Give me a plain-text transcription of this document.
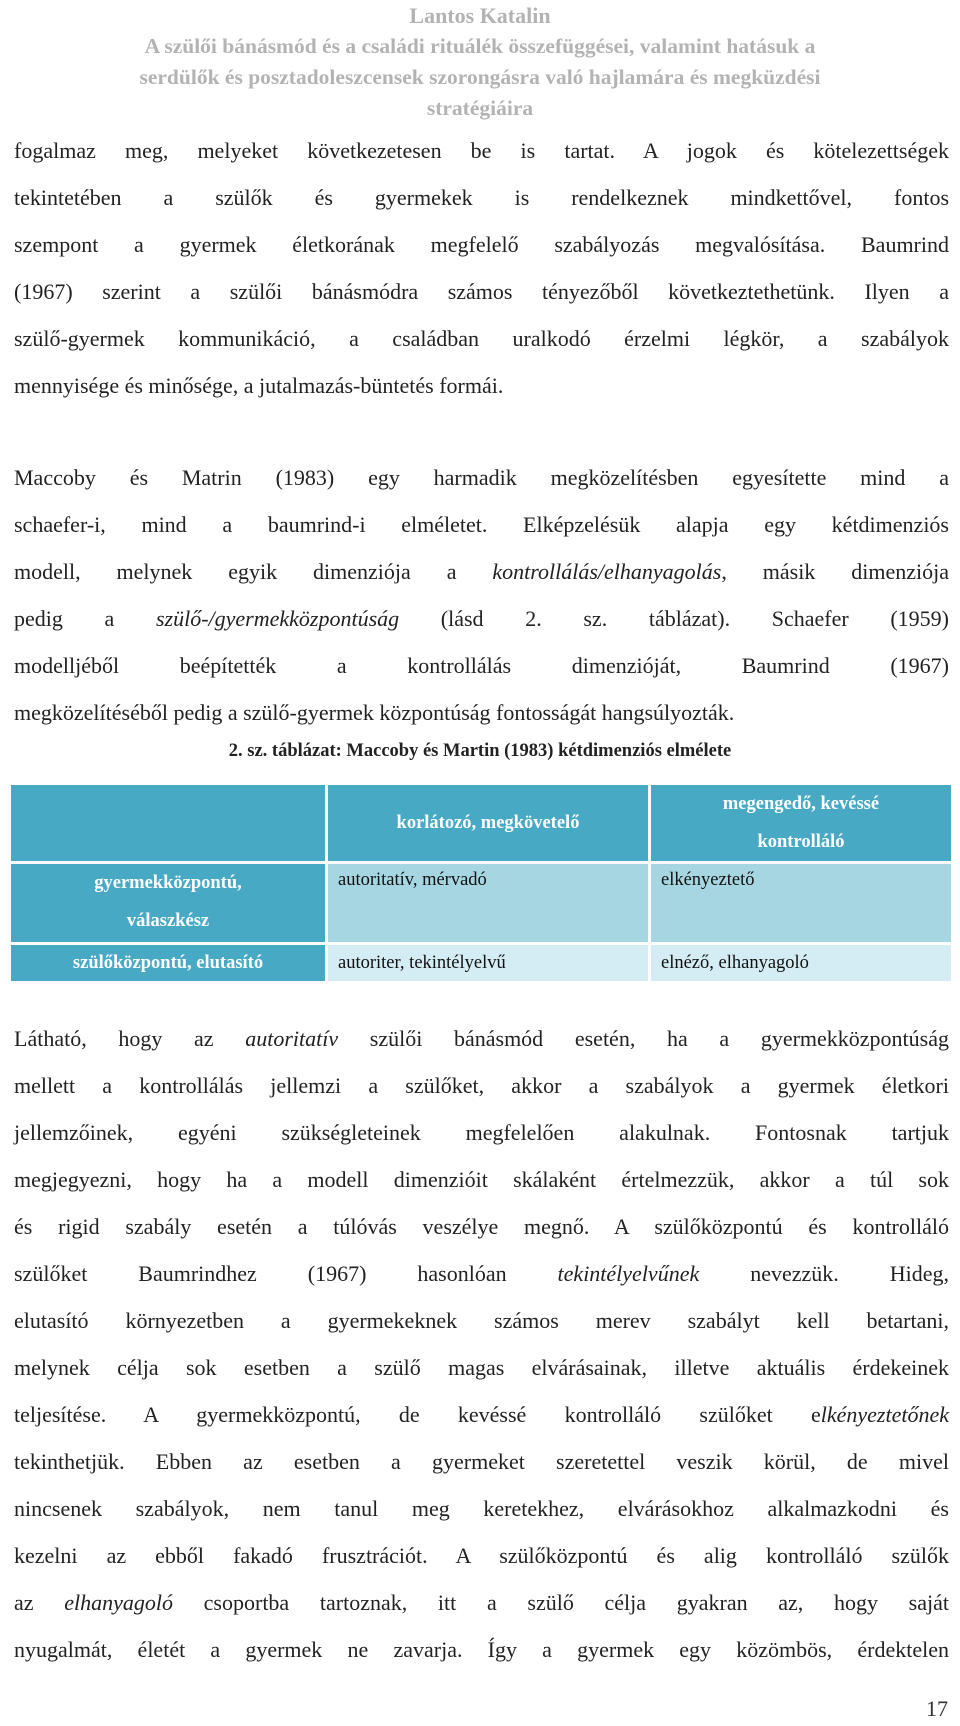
Lantos Katalin
A szülői bánásmód és a családi rituálék összefüggései, valamint hatásuk a
serdülők és posztadoleszcensek szorongásra való hajlamára és megküzdési
stratégiáira
fogalmaz meg, melyeket következetesen be is tartat. A jogok és kötelezettségek
tekintetében a szülők és gyermekek is rendelkeznek mindkettővel, fontos
szempont a gyermek életkorának megfelelő szabályozás megvalósítása. Baumrind
(1967) szerint a szülői bánásmódra számos tényezőből következtethetünk. Ilyen a
szülő-gyermek kommunikáció, a családban uralkodó érzelmi légkör, a szabályok
mennyisége és minősége, a jutalmazás-büntetés formái.
Maccoby és Matrin (1983) egy harmadik megközelítésben egyesítette mind a
schaefer-i, mind a baumrind-i elméletet. Elképzelésük alapja egy kétdimenziós
modell, melynek egyik dimenziója a kontrollálás/elhanyagolás, másik dimenziója
pedig a szülő-/gyermekközpontúság (lásd 2. sz. táblázat). Schaefer (1959)
modelljéből beépítették a kontrollálás dimenzióját, Baumrind (1967)
megközelítéséből pedig a szülő-gyermek központúság fontosságát hangsúlyozták.
2. sz. táblázat: Maccoby és Martin (1983) kétdimenziós elmélete
	korlátozó, megkövetelő	megengedő, kevéssé
kontrolláló

gyermekközpontú,
válaszkész	autoritatív, mérvadó	elkényeztető
szülőközpontú, elutasító	autoriter, tekintélyelvű	elnéző, elhanyagoló
Látható, hogy az autoritatív szülői bánásmód esetén, ha a gyermekközpontúság
mellett a kontrollálás jellemzi a szülőket, akkor a szabályok a gyermek életkori
jellemzőinek, egyéni szükségleteinek megfelelően alakulnak. Fontosnak tartjuk
megjegyezni, hogy ha a modell dimenzióit skálaként értelmezzük, akkor a túl sok
és rigid szabály esetén a túlóvás veszélye megnő. A szülőközpontú és kontrolláló
szülőket Baumrindhez (1967) hasonlóan tekintélyelvűnek nevezzük. Hideg,
elutasító környezetben a gyermekeknek számos merev szabályt kell betartani,
melynek célja sok esetben a szülő magas elvárásainak, illetve aktuális érdekeinek
teljesítése. A gyermekközpontú, de kevéssé kontrolláló szülőket elkényeztetőnek
tekinthetjük. Ebben az esetben a gyermeket szeretettel veszik körül, de mivel
nincsenek szabályok, nem tanul meg keretekhez, elvárásokhoz alkalmazkodni és
kezelni az ebből fakadó frusztrációt. A szülőközpontú és alig kontrolláló szülők
az elhanyagoló csoportba tartoznak, itt a szülő célja gyakran az, hogy saját
nyugalmát, életét a gyermek ne zavarja. Így a gyermek egy közömbös, érdektelen
17
